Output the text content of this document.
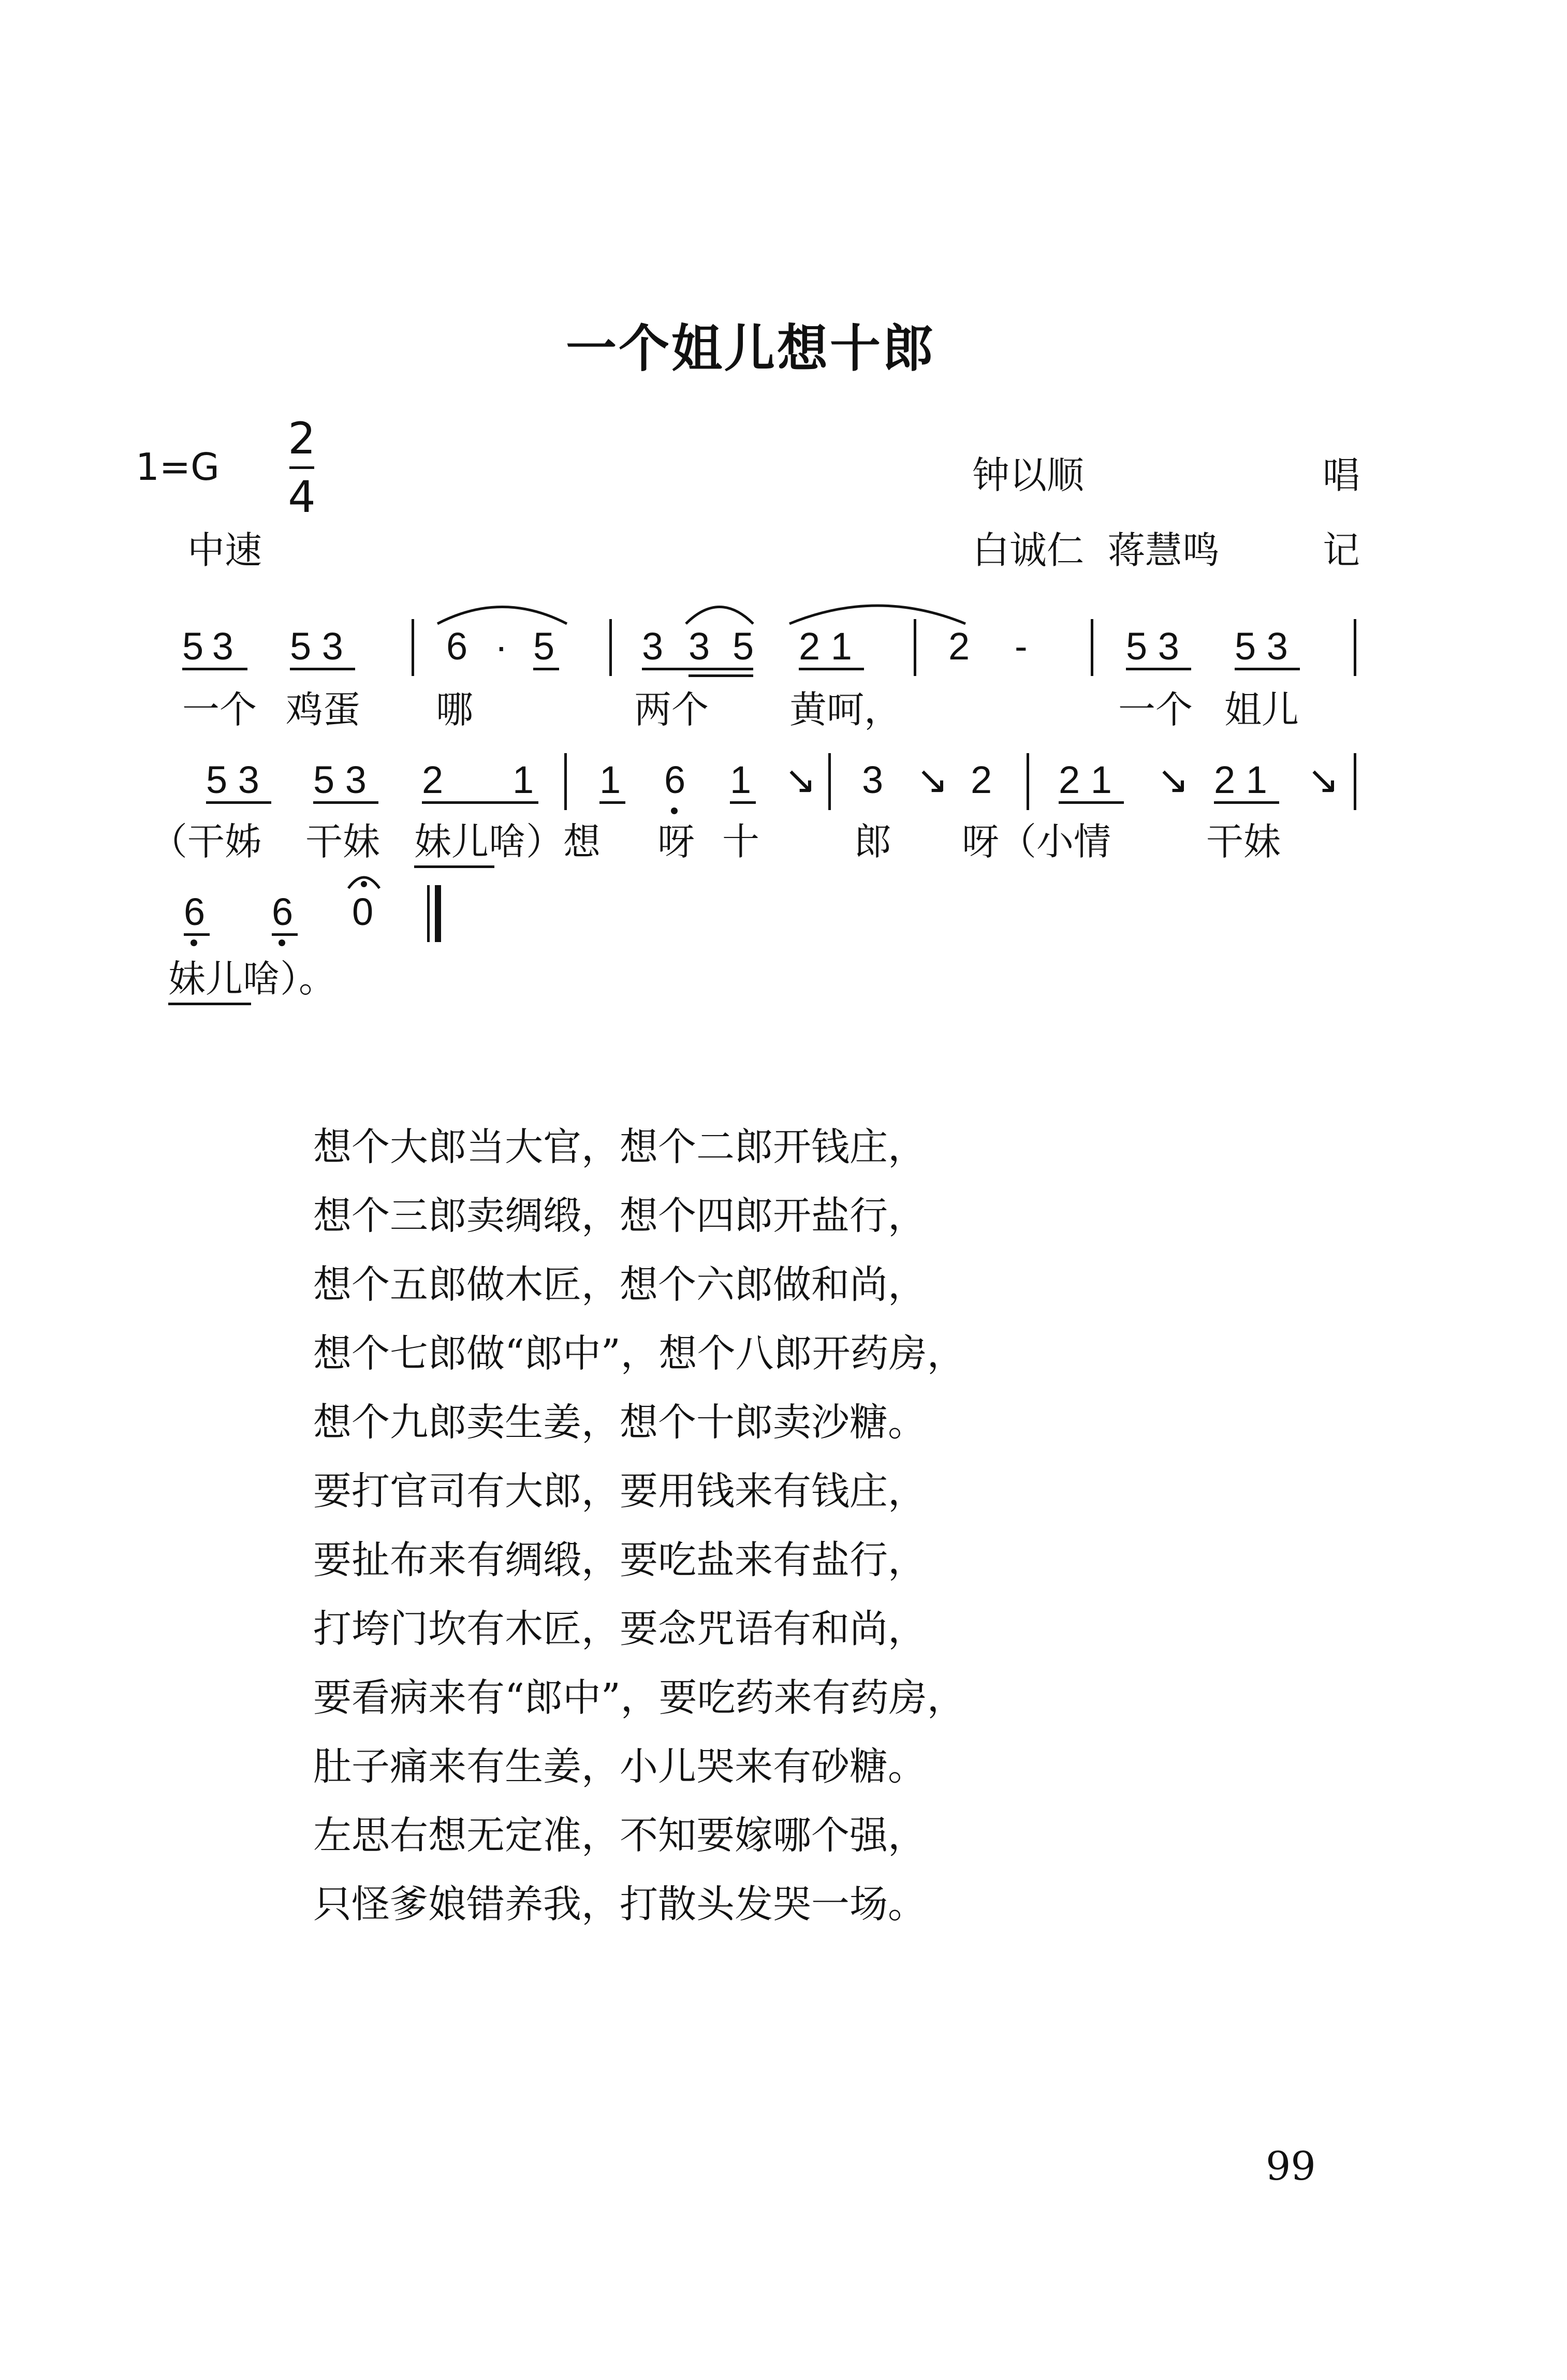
一个姐儿想十郎
1=G
2
4
中速
钟以顺	唱
白诚仁  蒋慧鸣	记
5 3 5 3	6 · 5 3 3 5 2 1	2 -	5 3 5 3
一个 鸡蛋 哪	两个 黄呵，	一个 姐儿
5 3 5 3 2 1 1 6 1 ↘ 3 ↘ 2 2 1 ↘ 2 1 ↘
（干姊 干妹 妹儿啥）想 呀 十	郎 呀（小情	干妹
6 6 0
妹儿啥）。
想个大郎当大官，想个二郎开钱庄，
想个三郎卖绸缎，想个四郎开盐行，
想个五郎做木匠，想个六郎做和尚，
想个七郎做“郎中”，想个八郎开药房，
想个九郎卖生姜，想个十郎卖沙糖。
要打官司有大郎，要用钱来有钱庄，
要扯布来有绸缎，要吃盐来有盐行，
打垮门坎有木匠，要念咒语有和尚，
要看病来有“郎中”，要吃药来有药房，
肚子痛来有生姜，小儿哭来有砂糖。
左思右想无定准，不知要嫁哪个强，
只怪爹娘错养我，打散头发哭一场。
99
